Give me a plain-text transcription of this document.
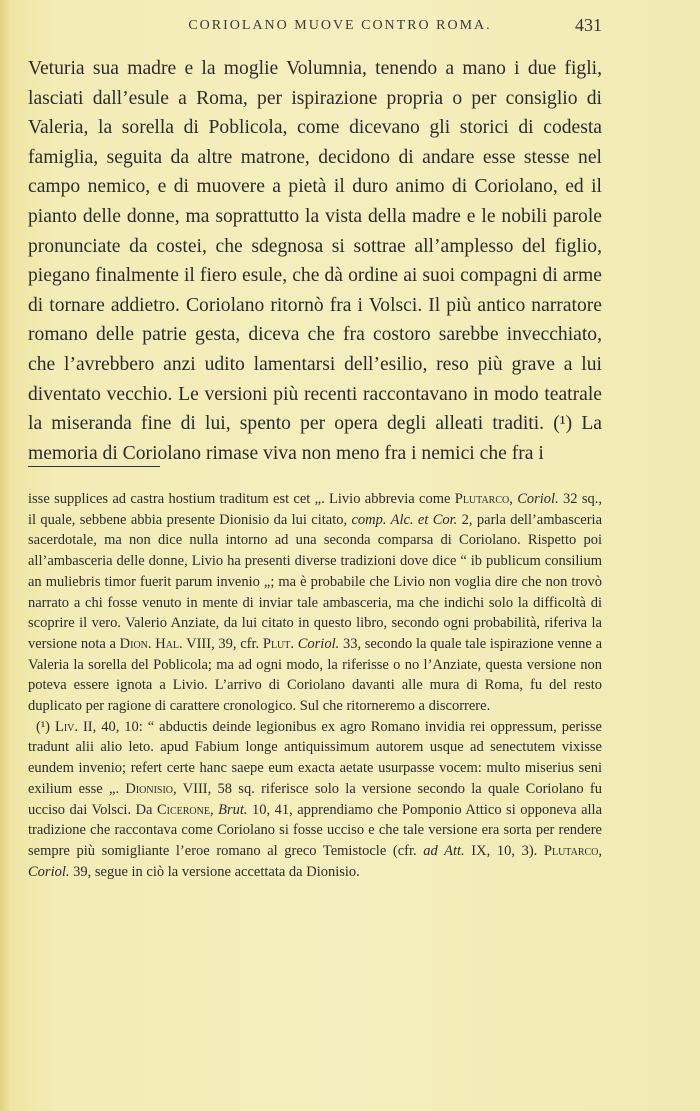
CORIOLANO MUOVE CONTRO ROMA.	431

Veturia sua madre e la moglie Volumnia, tenendo a mano i due figli, lasciati dall’esule a Roma, per ispirazione propria o per consiglio di Valeria, la sorella di Poblicola, come dicevano gli storici di codesta famiglia, seguita da altre matrone, decidono di andare esse stesse nel campo nemico, e di muovere a pietà il duro animo di Coriolano, ed il pianto delle donne, ma soprattutto la vista della madre e le nobili parole pronunciate da costei, che sdegnosa si sottrae all’amplesso del figlio, piegano finalmente il fiero esule, che dà ordine ai suoi compagni di arme di tornare addietro. Coriolano ritornò fra i Volsci. Il più antico narratore romano delle patrie gesta, diceva che fra costoro sarebbe invecchiato, che l’avrebbero anzi udito lamentarsi dell’esilio, reso più grave a lui diventato vecchio. Le versioni più recenti raccontavano in modo teatrale la miseranda fine di lui, spento per opera degli alleati traditi. (¹) La memoria di Coriolano rimase viva non meno fra i nemici che fra i

isse supplices ad castra hostium traditum est cet „. Livio abbrevia come Plutarco, Coriol. 32 sq., il quale, sebbene abbia presente Dionisio da lui citato, comp. Alc. et Cor. 2, parla dell’ambasceria sacerdotale, ma non dice nulla intorno ad una seconda comparsa di Coriolano. Rispetto poi all’ambasceria delle donne, Livio ha presenti diverse tradizioni dove dice “ ib publicum consilium an muliebris timor fuerit parum invenio „; ma è probabile che Livio non voglia dire che non trovò narrato a chi fosse venuto in mente di inviar tale ambasceria, ma che indichi solo la difficoltà di scoprire il vero. Valerio Anziate, da lui citato in questo libro, secondo ogni probabilità, riferiva la versione nota a Dion. Hal. VIII, 39, cfr. Plut. Coriol. 33, secondo la quale tale ispirazione venne a Valeria la sorella del Poblicola; ma ad ogni modo, la riferisse o no l’Anziate, questa versione non poteva essere ignota a Livio. L’arrivo di Coriolano davanti alle mura di Roma, fu del resto duplicato per ragione di carattere cronologico. Sul che ritorneremo a discorrere.

(¹) Liv. II, 40, 10: “ abductis deinde legionibus ex agro Romano invidia rei oppressum, perisse tradunt alii alio leto. apud Fabium longe antiquissimum autorem usque ad senectutem vixisse eundem invenio; refert certe hanc saepe eum exacta aetate usurpasse vocem: multo miserius seni exilium esse „. Dionisio, VIII, 58 sq. riferisce solo la versione secondo la quale Coriolano fu ucciso dai Volsci. Da Cicerone, Brut. 10, 41, apprendiamo che Pomponio Attico si opponeva alla tradizione che raccontava come Coriolano si fosse ucciso e che tale versione era sorta per rendere sempre più somigliante l’eroe romano al greco Temistocle (cfr. ad Att. IX, 10, 3). Plutarco, Coriol. 39, segue in ciò la versione accettata da Dionisio.
